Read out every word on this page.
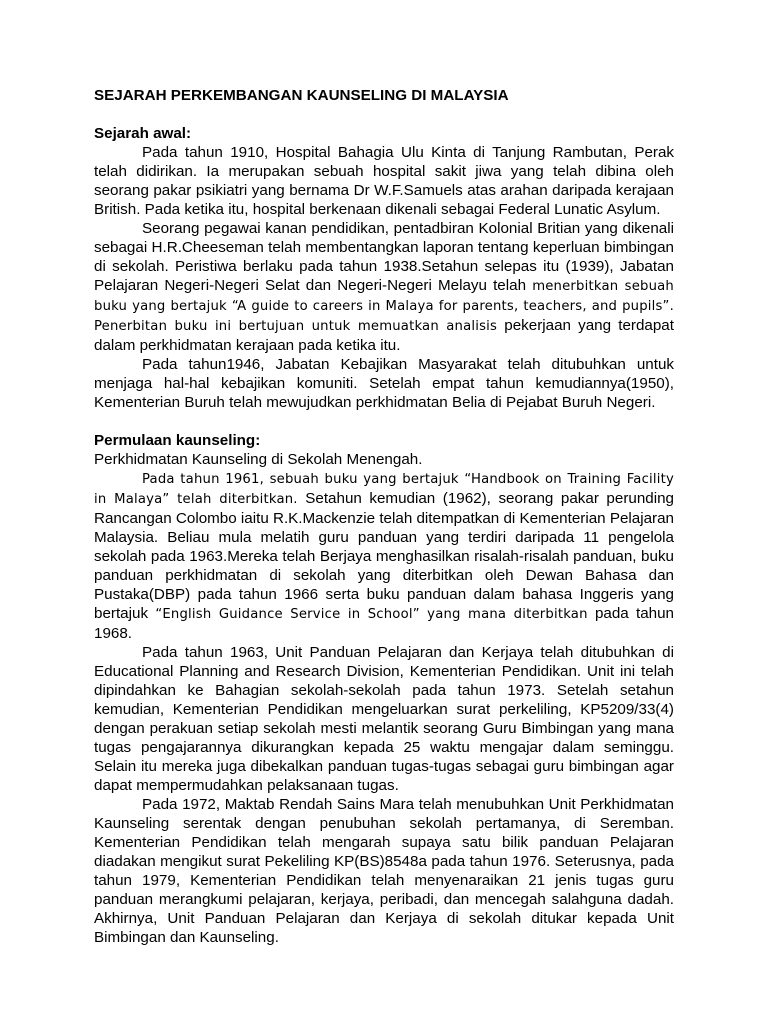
SEJARAH PERKEMBANGAN KAUNSELING DI MALAYSIA
Sejarah awal:

Pada tahun 1910, Hospital Bahagia Ulu Kinta di Tanjung Rambutan, Perak telah didirikan. Ia merupakan sebuah hospital sakit jiwa yang telah dibina oleh seorang pakar psikiatri yang bernama Dr W.F.Samuels atas arahan daripada kerajaan British. Pada ketika itu, hospital berkenaan dikenali sebagai Federal Lunatic Asylum.

Seorang pegawai kanan pendidikan, pentadbiran Kolonial Britian yang dikenali sebagai H.R.Cheeseman telah membentangkan laporan tentang keperluan bimbingan di sekolah. Peristiwa berlaku pada tahun 1938.Setahun selepas itu (1939), Jabatan Pelajaran Negeri-Negeri Selat dan Negeri-Negeri Melayu telah menerbitkan sebuah buku yang bertajuk “A guide to careers in Malaya for parents, teachers, and pupils”. Penerbitan buku ini bertujuan untuk memuatkan analisis pekerjaan yang terdapat dalam perkhidmatan kerajaan pada ketika itu.

Pada tahun1946, Jabatan Kebajikan Masyarakat telah ditubuhkan untuk menjaga hal-hal kebajikan komuniti. Setelah empat tahun kemudiannya(1950), Kementerian Buruh telah mewujudkan perkhidmatan Belia di Pejabat Buruh Negeri.

Permulaan kaunseling:
Perkhidmatan Kaunseling di Sekolah Menengah.

Pada tahun 1961, sebuah buku yang bertajuk “Handbook on Training Facility in Malaya” telah diterbitkan. Setahun kemudian (1962), seorang pakar perunding Rancangan Colombo iaitu R.K.Mackenzie telah ditempatkan di Kementerian Pelajaran Malaysia. Beliau mula melatih guru panduan yang terdiri daripada 11 pengelola sekolah pada 1963.Mereka telah Berjaya menghasilkan risalah-risalah panduan, buku panduan perkhidmatan di sekolah yang diterbitkan oleh Dewan Bahasa dan Pustaka(DBP) pada tahun 1966 serta buku panduan dalam bahasa Inggeris yang bertajuk “English Guidance Service in School” yang mana diterbitkan pada tahun 1968.

Pada tahun 1963, Unit Panduan Pelajaran dan Kerjaya telah ditubuhkan di Educational Planning and Research Division, Kementerian Pendidikan. Unit ini telah dipindahkan ke Bahagian sekolah-sekolah pada tahun 1973. Setelah setahun kemudian, Kementerian Pendidikan mengeluarkan surat perkeliling, KP5209/33(4) dengan perakuan setiap sekolah mesti melantik seorang Guru Bimbingan yang mana tugas pengajarannya dikurangkan kepada 25 waktu mengajar dalam seminggu. Selain itu mereka juga dibekalkan panduan tugas-tugas sebagai guru bimbingan agar dapat mempermudahkan pelaksanaan tugas.

Pada 1972, Maktab Rendah Sains Mara telah menubuhkan Unit Perkhidmatan Kaunseling serentak dengan penubuhan sekolah pertamanya, di Seremban. Kementerian Pendidikan telah mengarah supaya satu bilik panduan Pelajaran diadakan mengikut surat Pekeliling KP(BS)8548a pada tahun 1976. Seterusnya, pada tahun 1979, Kementerian Pendidikan telah menyenaraikan 21 jenis tugas guru panduan merangkumi pelajaran, kerjaya, peribadi, dan mencegah salahguna dadah. Akhirnya, Unit Panduan Pelajaran dan Kerjaya di sekolah ditukar kepada Unit Bimbingan dan Kaunseling.
